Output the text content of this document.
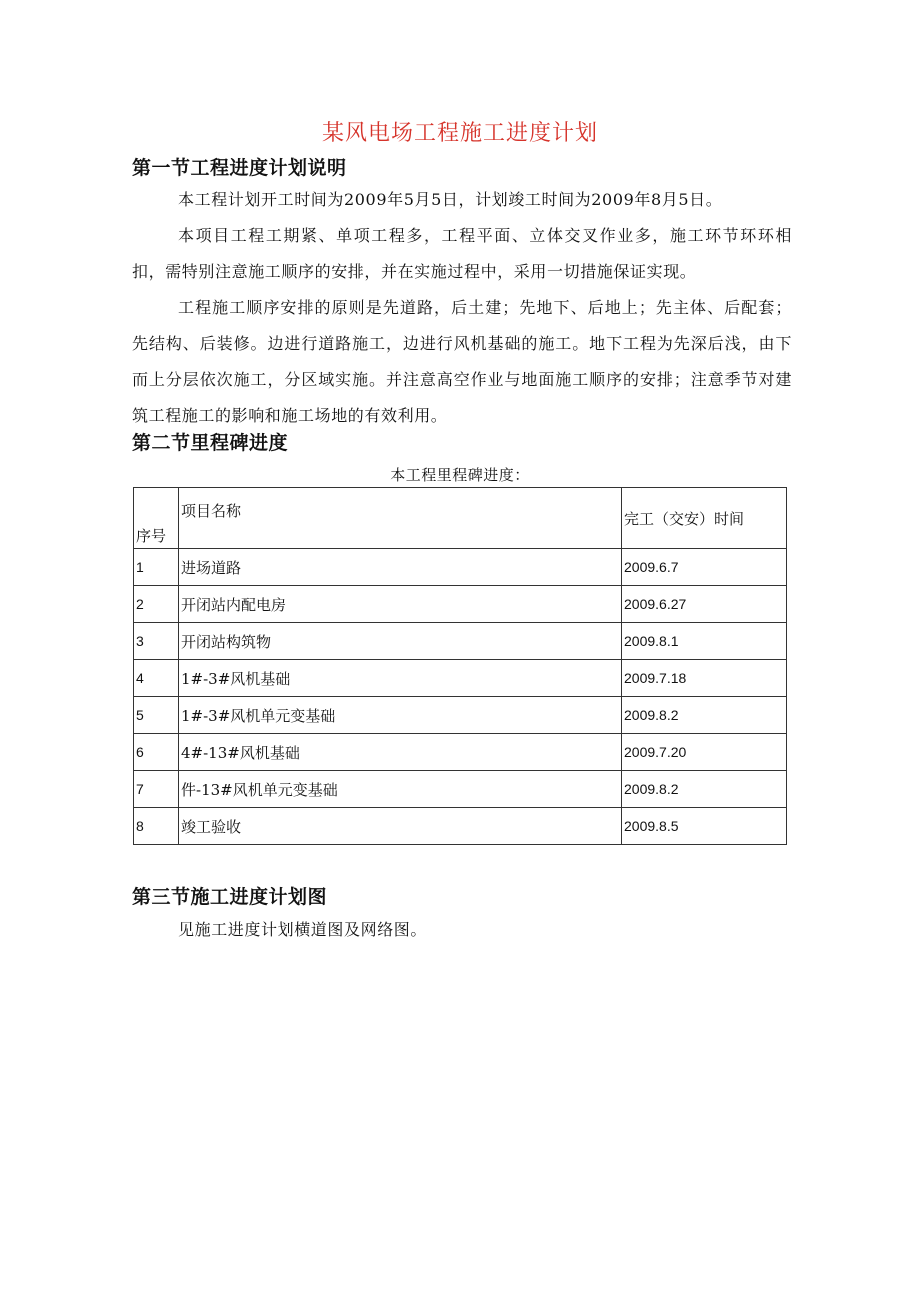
某风电场工程施工进度计划
第一节工程进度计划说明
本工程计划开工时间为2009年5月5日，计划竣工时间为2009年8月5日。
本项目工程工期紧、单项工程多，工程平面、立体交叉作业多，施工环节环环相扣，需特别注意施工顺序的安排，并在实施过程中，采用一切措施保证实现。
工程施工顺序安排的原则是先道路，后土建；先地下、后地上；先主体、后配套；先结构、后装修。边进行道路施工，边进行风机基础的施工。地下工程为先深后浅，由下而上分层依次施工，分区域实施。并注意高空作业与地面施工顺序的安排；注意季节对建筑工程施工的影响和施工场地的有效利用。
第二节里程碑进度
本工程里程碑进度：
序号	项目名称	完工（交安）时间
1	进场道路	2009.6.7
2	开闭站内配电房	2009.6.27
3	开闭站构筑物	2009.8.1
4	1#-3#风机基础	2009.7.18
5	1#-3#风机单元变基础	2009.8.2
6	4#-13#风机基础	2009.7.20
7	件-13#风机单元变基础	2009.8.2
8	竣工验收	2009.8.5
第三节施工进度计划图
见施工进度计划横道图及网络图。
